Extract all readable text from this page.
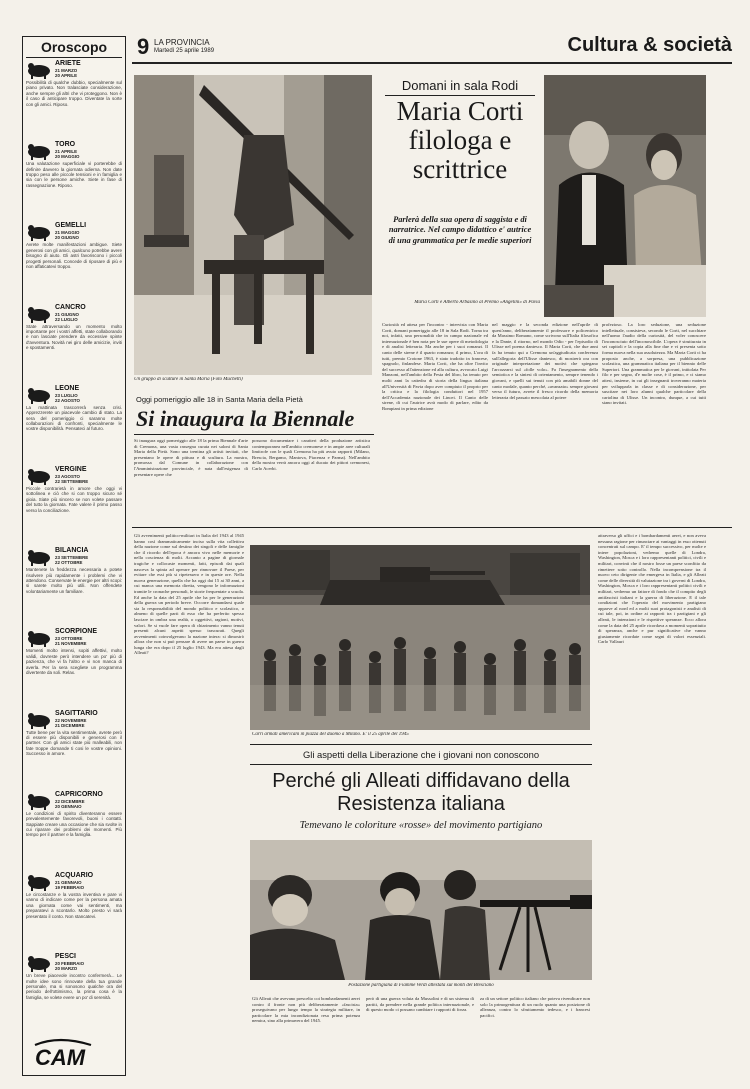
Oroscopo
ARIETE
21 MARZO
20 APRILE
Possibilità di qualche dubbio, specialmente sul piano privato. Non tralasciate considerazione, anche sempre gli altri che vi proteggono. Non è il caso di anticipare troppo. Diventate la sorte con gli amici. Riposo.
TORO
21 APRILE
20 MAGGIO
Una valutazione superficiale vi porterebbe di definire davvero la giornata odierna. Non date troppo peso alle piccole tensioni e in famiglia e sia con le persone amiche. Siete in fase di rassegnazione. Riposo.
GEMELLI
21 MAGGIO
20 GIUGNO
Avrete molte manifestazioni ambigue. Siete generosi con gli amici, qualcuno potrebbe avere bisogno di aiuto. Gli astri favoriscono i piccoli progetti personali. Concede di riposare di più e non affaticatevi troppo.
CANCRO
21 GIUGNO
22 LUGLIO
State attraversando un momento molto importante per i vostri affetti, state collaborando e non lasciate prendere da eccessive spinte d'avventura. Novità nei giro delle amicizie, inviti e spostamenti.
LEONE
23 LUGLIO
22 AGOSTO
La mattinata trascorrerà senza crisi. Apprezzerete un piacevole cambio di stato. La sera del pomeriggio ci saranno molte collaborazioni di confronti, specialmente le vostre disponibilità. Pensateci al futuro.
VERGINE
23 AGOSTO
22 SETTEMBRE
Piccole contrarietà in amore che oggi vi sottolinea e ciò che si con troppo sicuro sé gioia. Siate più sincero se non volete passare del tutto la giornata. Fate valere il primo passo verso la conciliazione.
BILANCIA
23 SETTEMBRE
22 OTTOBRE
Mantenete la freddezza necessaria a potete risolvere più rapidamente i problemi che vi attendono. Conservate le energie per altri scopi: si sarete molto più utili. Non offendete volontariamente un familiare.
SCORPIONE
23 OTTOBRE
21 NOVEMBRE
Momenti molto intensi, sopiti affettivi, molto validi, dovreste però intendere un po' più di pazienza, che vi fa l'altro e vi non manca di averla. Per la sera scegliete un programma divertente da soli. Relax.
SAGITTARIO
22 NOVEMBRE
21 DICEMBRE
Tutte bene per la vita sentimentale, avrete però di essere più disponibili e generosi con il partner. Con gli amici state più malleabili, non fate troppe domande ti cosi le vostre opinioni. Successo in amore.
CAPRICORNO
22 DICEMBRE
20 GENNAIO
Le condizioni di spirito diventeranno essere prevalentemente favorevoli, buoni i contatti. Sappiate creare una occasione che sia svolte in cui riparare dei problemi dei momenti. Più tempo per il partner e la famiglia.
ACQUARIO
21 GENNAIO
19 FEBBRAIO
Le circostanze e la vostra inventiva e pare vi vanno di indicare come per la persona amata una giornata come vai sentimenti, ma preparatevi a scontarlo. Molto presto vi sarà presentato il conto. Non stancatevi.
PESCI
20 FEBBRAIO
20 MARZO
Un breve piacevole incontro confermerà... Le molte idee sono rinnovate della tua grande personale, ma si sonosono qualche ora del periodo dell'ottimismo, la prima cosa è la famiglia, se volete evere un po' di serenità.
CAM
9 LA PROVINCIA
Martedì 25 aprile 1989	Cultura & società
Un gruppo di sculture in Santa Maria (Foto Muchetti)
Oggi pomeriggio alle 18 in Santa Maria della Pietà
Si inaugura la Biennale
Si inaugura oggi pomeriggio alle 18 la prima Biennale d'arte di Cremona, una vasta rassegna curata nei saloni di Santa Maria della Pietà. Sono una trentina gli artisti invitati, che presentano le opere di pittura e di scultura. La mostra, promossa dal Comune in collaborazione con l'Amministrazione provinciale, è nata dall'esigenza di presentare opere che
possono documentare i caratteri della produzione artistica contemporanea nell'ambito cremonese e in ampie aree culturali limitrofe con le quali Cremona ha più avuto rapporti (Milano, Brescia, Bergamo, Mantova, Piacenza e Parma). Nell'ambito della mostra verrà ancora oggi al ducato dei pittori cremonesi, Carlo Acerbi.
Domani in sala Rodi
Maria Corti filologa e scrittrice
Parlerà della sua opera di saggista e di narratrice. Nel campo didattico e' autrice di una grammatica per le medie superiori
Maria Corti e Alberto Arbasino al Premio «Angelini» di Pavia
Curiosità ed attesa per l'incontro - intervista con Maria Corti, domani pomeriggio alle 18 in Sala Rodi. Torna tra noi, infatti, una personalità che in campo nazionale ed internazionale è ben nota per le sue opere di metodologia e di analisi letteraria. Ma anche per i suoi romanzi. Il canto delle sirene è il quarto romanzo; il primo, L'ora di tutti, premio Crotone 1963, è stato tradotto in francese, spagnolo, finlandese. Maria Corti, che ha oltre l'invito del successo all'attenzione ed alla cultura, avvocato Luigi Manzoni, nell'ambito della Festa del libro, ha tenuto per molti anni la cattedra di storia della lingua italiana all'Università di Pavia dopo aver compiuto il proprio per la critica e la filologia conduttori nel 1957 dell'Accademia nazionale dei Lincei. Il Canto delle sirene, di cui l'autrice avrà modo di parlare, edito da Bompiani in prima edizione
nel maggio e la seconda edizione nell'aprile di quest'anno, deliberatamente il professore e policentrico da Massimo Romano, come scrivono sull'Italia filosofica e la Dante, il ritorno, nel mondo Odio - per l'episodio di Ulisse nel poema dantesco. Il Maria Corti, che due anni fa ha tenuto qui a Cremona un'aggiudicata conferenza sull'allegoria dell'Ulisse dantesco, di mostrerà ora con originale interpretazione dei motivi che spiegano l'arcozzarsi sul «folle volo». Fa l'insegnamento della semiotica e la sintesi di orientamento, sempre tenendo i giovani, e quelli sui tenuti con più amabili donne del canto modale, quanto perché, «avanzato» sempre giovani verso il futuro, avrete il fresco ricordo della memoria letteraria del passato mescolata al potere
profezioso. La loro seduzione, una seduzione intellettuale, consisteva, secondo le Corti, nel succhiare nell'uomo l'audio della curiosità, del voler conoscere l'inconosciuto dell'inconoscibile. L'opera è strutturata in sei capitoli e la copia alla fine due e vi presenta sotto forma nuova nella sua assolutezza. Ma Maria Corti ci ha proposto anche, a sorpresa, una pubblicazione scolastica, una grammatica italiana per il biennio delle Superiori. Una grammatica per le giovani, intitolata Per filo e per segno, d'e molte cose, è il primo, e ci siamo attesi, insieme, in cui gli insegnanti troveranno materia per svilupparla in classe e di considerazione, per suscitare nei loro alunni qualche particolare della cartolina di Ulisse. Un incontro, dunque, a cui tutti siano invitati.
Gli avvenimenti politico-militari in Italia del 1943 al 1945 hanno così drammaticamente inciso sulla vita collettiva della nazione come sul destino dei singoli e delle famiglie che il ricordo dell'epoca è ancora vivo nelle memorie e nella coscienza di molti. Accanto a pagine di giornale tragiche e collocaste momenti, fatti, episodi dai quali nasceva la spinta ad operare per rinnovare il Paese, per evitare che essi più si ripetessero e in queste ore. Nella nuova generazione, quella che ha oggi dai 15 ai 30 anni, a cui manca una memoria diretta, vengono le informazioni tramite le cronache personali, le storie frequentate a scuola. Ed anche la data del 25 aprile che ha per le generazioni della guerra un periodo breve. Occorre domandarsi quale sia la responsabilità del mondo politico e scolastico, o almeno di quelle parti di esso che ha preferito spesso lasciare in ombra una realtà, o oggettivi, ragioni, motivi, valori. Se si vuole fare opera di chiarimento vanno tenuti presenti alcuni aspetti spesso trascurati. Quegli avvenimenti coinvolgevano la nazione intera: si dimostrò allora che non si può pensare di avere un paese in guerra lunga che era dopo il 25 luglio 1943. Ma era attesa dagli Alleati?
Carri armati americani in piazza del duomo a Milano. E' il 25 aprile del 1945
Gli aspetti della Liberazione che i giovani non conoscono
Perché gli Alleati diffidavano della Resistenza italiana
Temevano le coloriture «rosse» del movimento partigiano
Postazione partigiana di Fiamme Verdi attestata sul monti del Bresciano
Gli Alleati che avevano prescelto coi bombardamenti aerei contro il fronte non più deliberatamente «fascista» proseguivano per lungo tempo la strategia militare, in particolare la mia incondizionata resa prima potenza nemica, sino alla primavera del 1945.
però di una guerra voluta da Mussolini e di un sistema di partiti, da prendere nella grande politica internazionale, e di questo modo ci possano cambiare i rapporti di forza.
za di un settore politico italiano che poteva rivendicare non solo la primogenitura di un ruolo quanto una posizione di alleanza, contro lo sfruttamento tedesco, e i francesi pacifici.
attraverso gli uffici e i bombardamenti aerei, e non aveva nessuna ragione per rinunciare ai vantaggi in esso ottenuti concentrati sul campo. E' il tempo successivo, per molte e intere popolazioni, vedremo quelle di Londra, Washington, Mosca e i loro rappresentanti politici, civili e militari, convinti che il nostro fosse un paese sconfitto da rimettere sotto controllo. Nella incomprensione tra il nuovo ceto dirigente che emergeva in Italia, e gli Alleati come delle diversità di valutazione tra i governi di Londra, Washington, Mosca e i loro rappresentanti politici civili e militari, vedremo un fattore di fondo che il compito degli antifascisti italiani e la guerra di liberazione. E il tale condizioni che l'operato del movimento partigiano apparve al nord ed a molti suoi protagonisti e analisti di cui tale, poi, in ordine ai rapporti tra i partigiani e gli alleati, le intenzioni e le rispettive speranze. Ecco allora come la data del 25 aprile ricordava a momenti soprattutto di speranza, anche e pur significative che vanno giustamente ricordate come segni di valori essenziali. Carlo Vallauri
